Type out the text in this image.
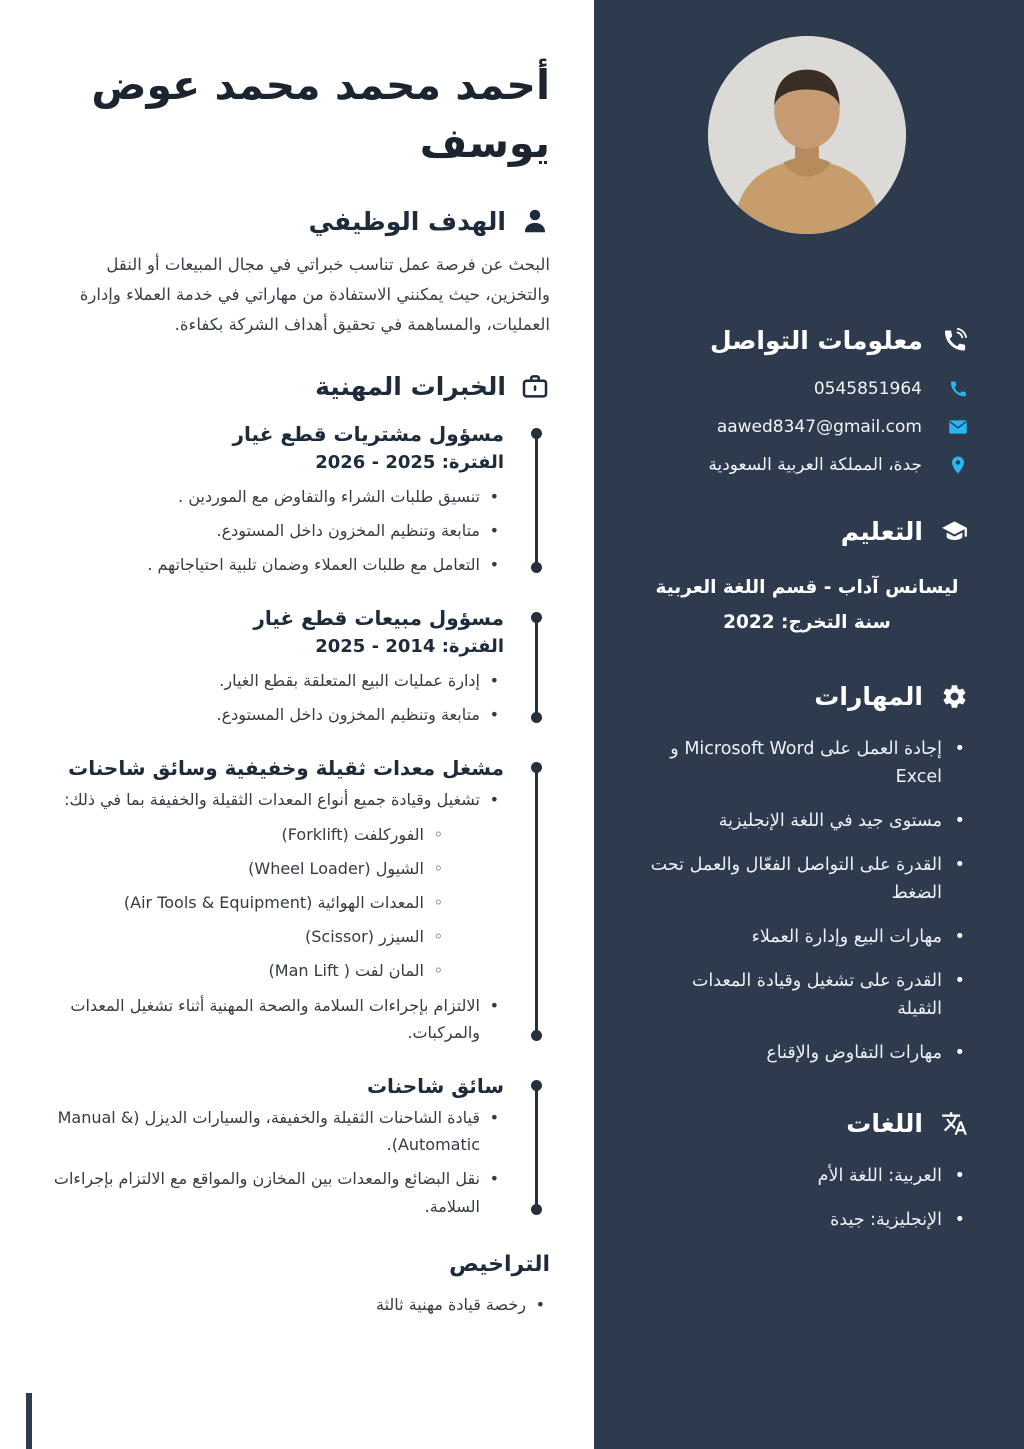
معلومات التواصل
0545851964
aawed8347@gmail.com
جدة، المملكة العربية السعودية
التعليم
ليسانس آداب - قسم اللغة العربية
سنة التخرج: 2022
المهارات
• إجادة العمل على Microsoft Word و Excel
• مستوى جيد في اللغة الإنجليزية
• القدرة على التواصل الفعّال والعمل تحت الضغط
• مهارات البيع وإدارة العملاء
• القدرة على تشغيل وقيادة المعدات الثقيلة
• مهارات التفاوض والإقناع
اللغات
• العربية: اللغة الأم
• الإنجليزية: جيدة
أحمد محمد محمد عوض يوسف
الهدف الوظيفي

البحث عن فرصة عمل تناسب خبراتي في مجال المبيعات أو النقل والتخزين، حيث يمكنني الاستفادة من مهاراتي في خدمة العملاء وإدارة العمليات، والمساهمة في تحقيق أهداف الشركة بكفاءة.

الخبرات المهنية
مسؤول مشتريات قطع غيار
الفترة: 2025 - 2026
• تنسيق طلبات الشراء والتفاوض مع الموردين .
• متابعة وتنظيم المخزون داخل المستودع.
• التعامل مع طلبات العملاء وضمان تلبية احتياجاتهم .
مسؤول مبيعات قطع غيار
الفترة: 2014 - 2025
• إدارة عمليات البيع المتعلقة بقطع الغيار.
• متابعة وتنظيم المخزون داخل المستودع.
مشغل معدات ثقيلة وخفيفية وسائق شاحنات
• تشغيل وقيادة جميع أنواع المعدات الثقيلة والخفيفة بما في ذلك:
◦ الفوركلفت (Forklift)
◦ الشيول (Wheel Loader)
◦ المعدات الهوائية (Air Tools & Equipment)
◦ السيزر (Scissor)
◦ المان لفت ( Man Lift)
• الالتزام بإجراءات السلامة والصحة المهنية أثناء تشغيل المعدات والمركبات.
سائق شاحنات
• قيادة الشاحنات الثقيلة والخفيفة، والسيارات الديزل (Manual & Automatic).
• نقل البضائع والمعدات بين المخازن والمواقع مع الالتزام بإجراءات السلامة.
التراخيص
• رخصة قيادة مهنية ثالثة
